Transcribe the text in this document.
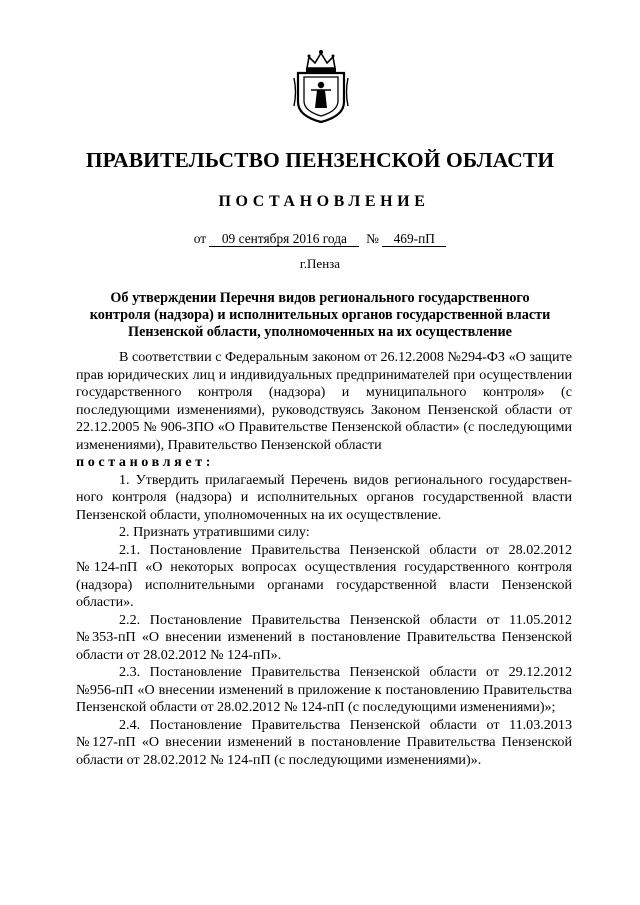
ПРАВИТЕЛЬСТВО ПЕНЗЕНСКОЙ ОБЛАСТИ
ПОСТАНОВЛЕНИЕ
от 09 сентября 2016 года № 469-пП
г.Пенза
Об утверждении Перечня видов регионального государственного контроля (надзора) и исполнительных органов государственной власти Пензенской области, уполномоченных на их осуществление

В соответствии с Федеральным законом от 26.12.2008 №294-ФЗ «О защите прав юридических лиц и индивидуальных предпринимателей при осуществлении государственного контроля (надзора) и муниципального контроля» (с последующими изменениями), руководствуясь Законом Пензенской области от 22.12.2005 № 906-ЗПО «О Правительстве Пензенской области» (с последующими изменениями), Правительство Пензенской области

постановляет:

1. Утвердить прилагаемый Перечень видов регионального государственного контроля (надзора) и исполнительных органов государственной власти Пензенской области, уполномоченных на их осуществление.

2. Признать утратившими силу:

2.1. Постановление Правительства Пензенской области от 28.02.2012 №124-пП «О некоторых вопросах осуществления государственного контроля (надзора) исполнительными органами государственной власти Пензенской области».

2.2. Постановление Правительства Пензенской области от 11.05.2012 №353-пП «О внесении изменений в постановление Правительства Пензенской области от 28.02.2012 № 124-пП».

2.3. Постановление Правительства Пензенской области от 29.12.2012 №956-пП «О внесении изменений в приложение к постановлению Правительства Пензенской области от 28.02.2012 № 124-пП (с последующими изменениями)»;

2.4. Постановление Правительства Пензенской области от 11.03.2013 №127-пП «О внесении изменений в постановление Правительства Пензенской области от 28.02.2012 № 124-пП (с последующими изменениями)».
